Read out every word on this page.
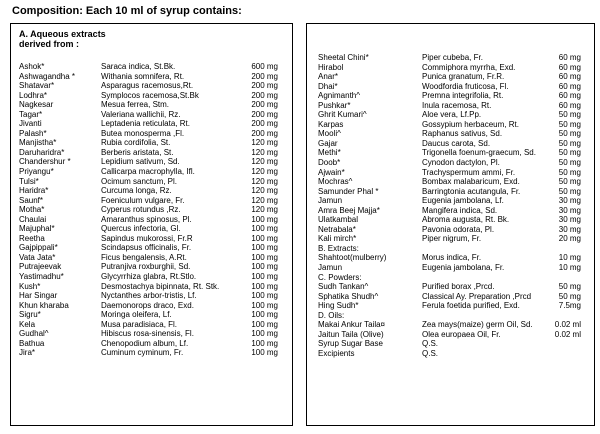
Composition: Each 10 ml of syrup contains:
A. Aqueous extracts derived from :
Ashok*	Saraca indica, St.Bk.	600 mg
Ashwagandha *	Withania somnifera, Rt.	200 mg
Shatavar*	Asparagus racemosus,Rt.	200 mg
Lodhra*	Symplocos racemosa,St.Bk	200 mg
Nagkesar	Mesua ferrea, Stm.	200 mg
Tagar*	Valeriana wallichii, Rz.	200 mg
Jivanti	Leptadenia reticulata, Rt.	200 mg
Palash*	Butea monosperma ,Fl.	200 mg
Manjistha*	Rubia cordifolia, St.	120 mg
Daruharidra*	Berberis aristata, St.	120 mg
Chandershur *	Lepidium sativum, Sd.	120 mg
Priyangu*	Callicarpa macrophylla, Ifl.	120 mg
Tulsi*	Ocimum sanctum, Pl.	120 mg
Haridra*	Curcuma longa, Rz.	120 mg
Saunf*	Foeniculum vulgare, Fr.	120 mg
Motha*	Cyperus rotundus ,Rz.	120 mg
Chaulai	Amaranthus spinosus, Pl.	100 mg
Majuphal*	Quercus infectoria, Gl.	100 mg
Reetha	Sapindus mukorossi, Fr.R	100 mg
Gajpippali*	Scindapsus officinalis, Fr.	100 mg
Vata Jata*	Ficus bengalensis, A.Rt.	100 mg
Putrajeevak	Putranjiva roxburghii, Sd.	100 mg
Yastimadhu*	Glycyrrhiza glabra, Rt.Stlo.	100 mg
Kush*	Desmostachya bipinnata, Rt. Stk.	100 mg
Har Singar	Nyctanthes arbor-tristis, Lf.	100 mg
Khun kharaba	Daemonorops draco, Exd.	100 mg
Sigru*	Moringa oleifera, Lf.	100 mg
Kela	Musa paradisiaca, Fl.	100 mg
Gudhal^	Hibiscus rosa-sinensis, Fl.	100 mg
Bathua	Chenopodium album, Lf.	100 mg
Jira*	Cuminum cyminum, Fr.	100 mg
Sheetal Chini*	Piper cubeba, Fr.	60 mg
Hirabol	Commiphora myrrha, Exd.	60 mg
Anar*	Punica granatum, Fr.R.	60 mg
Dhai*	Woodfordia fruticosa, Fl.	60 mg
Agnimanth^	Premna integrifolia, Rt.	60 mg
Pushkar*	Inula racemosa, Rt.	60 mg
Ghrit Kumari^	Aloe vera, Lf.Pp.	50 mg
Karpas	Gossypium herbaceum, Rt.	50 mg
Mooli^	Raphanus sativus, Sd.	50 mg
Gajar	Daucus carota, Sd.	50 mg
Methi*	Trigonella foenum-graecum, Sd.	50 mg
Doob*	Cynodon dactylon, Pl.	50 mg
Ajwain*	Trachyspermum ammi, Fr.	50 mg
Mochras^	Bombax malabaricum, Exd.	50 mg
Samunder Phal *	Barringtonia acutangula, Fr.	50 mg
Jamun	Eugenia jambolana, Lf.	30 mg
Amra Beej Majja*	Mangifera indica, Sd.	30 mg
Ulatkambal	Abroma augusta, Rt. Bk.	30 mg
Netrabala*	Pavonia odorata, Pl.	30 mg
Kali mirch*	Piper nigrum, Fr.	20 mg
B. Extracts:
Shahtoot(mulberry)	Morus indica, Fr.	10 mg
Jamun	Eugenia jambolana, Fr.	10 mg
C. Powders:
Sudh Tankan^	Purified borax ,Prcd.	50 mg
Sphatika Shudh^	Classical Ay. Preparation ,Prcd	50 mg
Hing Sudh*	Ferula foetida purified, Exd.	7.5mg
D. Oils:
Makai Ankur Taila¤	Zea mays(maize) germ Oil, Sd.	0.02 ml
Jaitun Taila (Olive)	Olea europaea Oil, Fr.	0.02 ml
Syrup Sugar Base	Q.S.
Excipients	Q.S.
